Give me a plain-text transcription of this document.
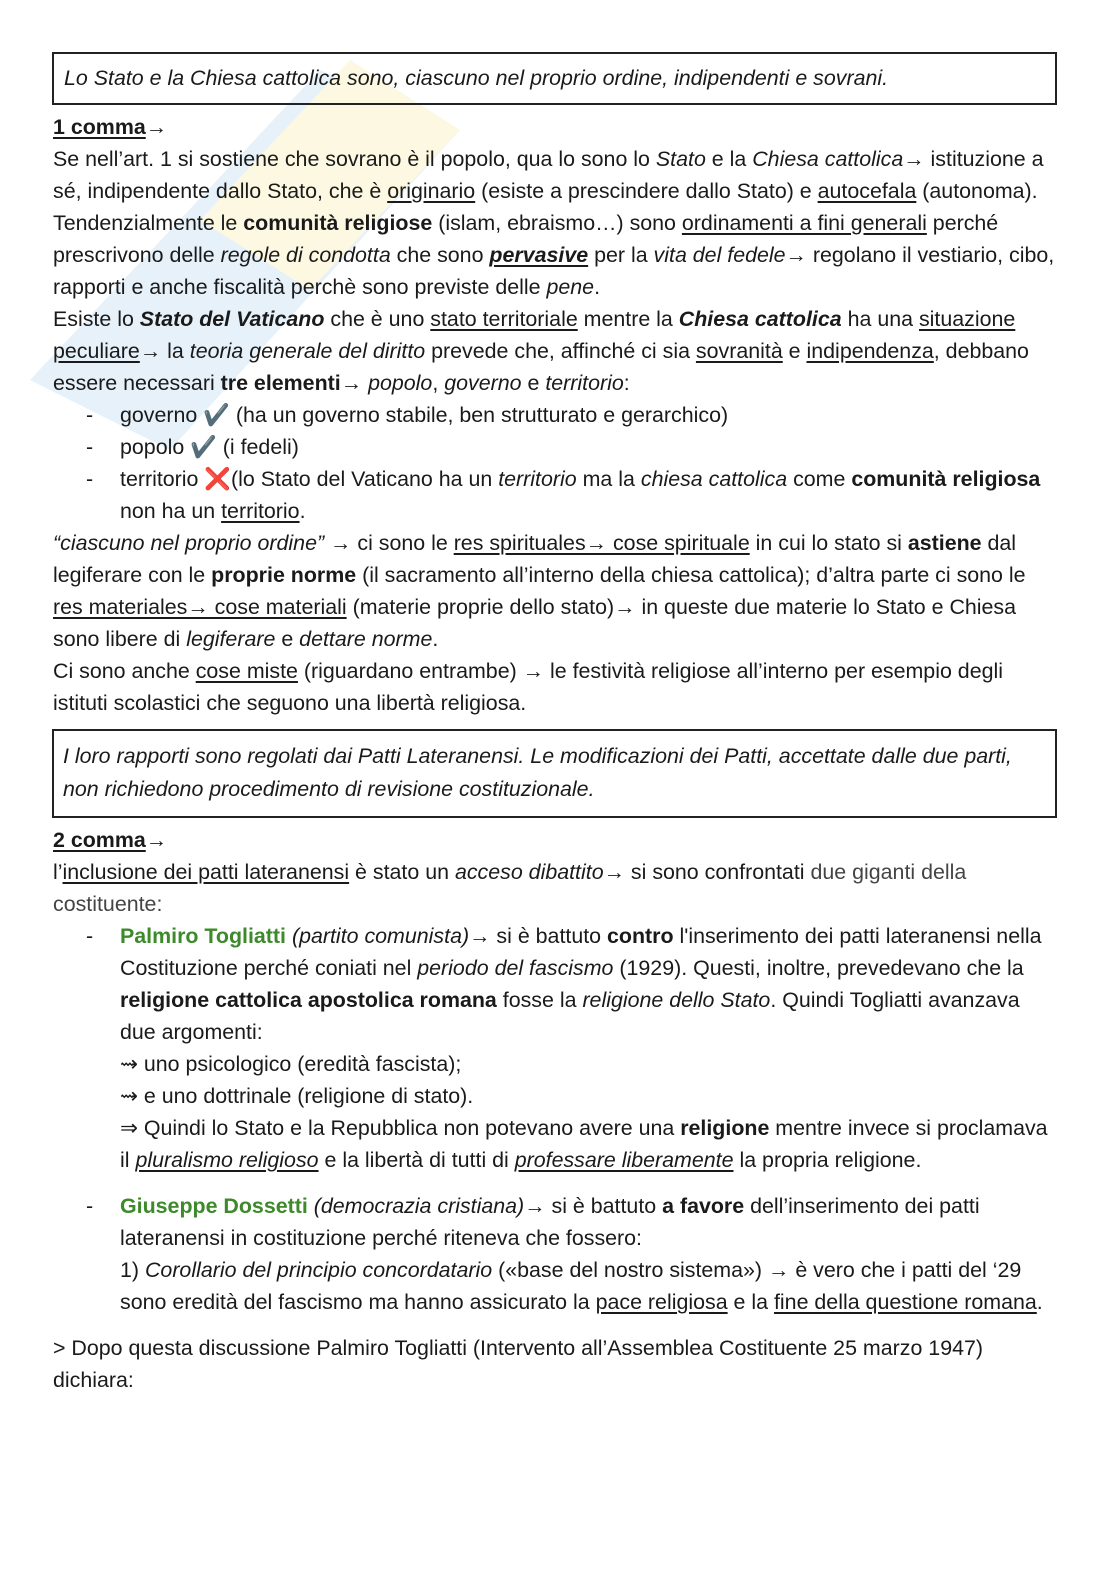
Lo Stato e la Chiesa cattolica sono, ciascuno nel proprio ordine, indipendenti e sovrani.

1 comma→

Se nell’art. 1 si sostiene che sovrano è il popolo, qua lo sono lo Stato e la Chiesa cattolica→ istituzione a sé, indipendente dallo Stato, che è originario (esiste a prescindere dallo Stato) e autocefala (autonoma).

Tendenzialmente le comunità religiose (islam, ebraismo…) sono ordinamenti a fini generali perché prescrivono delle regole di condotta che sono pervasive per la vita del fedele→ regolano il vestiario, cibo, rapporti e anche fiscalità perchè sono previste delle pene.

Esiste lo Stato del Vaticano che è uno stato territoriale mentre la Chiesa cattolica ha una situazione peculiare→ la teoria generale del diritto prevede che, affinché ci sia sovranità e indipendenza, debbano essere necessari tre elementi→ popolo, governo e territorio:

- governo ✔️ (ha un governo stabile, ben strutturato e gerarchico)

- popolo ✔️ (i fedeli)

- territorio ❌(lo Stato del Vaticano ha un territorio ma la chiesa cattolica come comunità religiosa non ha un territorio.

“ciascuno nel proprio ordine” → ci sono le res spirituales→ cose spirituale in cui lo stato si astiene dal legiferare con le proprie norme (il sacramento all’interno della chiesa cattolica); d’altra parte ci sono le res materiales→ cose materiali (materie proprie dello stato)→ in queste due materie lo Stato e Chiesa sono libere di legiferare e dettare norme.

Ci sono anche cose miste (riguardano entrambe) → le festività religiose all’interno per esempio degli istituti scolastici che seguono una libertà religiosa.

I loro rapporti sono regolati dai Patti Lateranensi. Le modificazioni dei Patti, accettate dalle due parti, non richiedono procedimento di revisione costituzionale.

2 comma→

l’inclusione dei patti lateranensi è stato un acceso dibattito→ si sono confrontati due giganti della costituente:

- Palmiro Togliatti (partito comunista)→ si è battuto contro l'inserimento dei patti lateranensi nella Costituzione perché coniati nel periodo del fascismo (1929). Questi, inoltre, prevedevano che la religione cattolica apostolica romana fosse la religione dello Stato. Quindi Togliatti avanzava due argomenti:

⇝ uno psicologico (eredità fascista);

⇝ e uno dottrinale (religione di stato).

⇒ Quindi lo Stato e la Repubblica non potevano avere una religione mentre invece si proclamava il pluralismo religioso e la libertà di tutti di professare liberamente la propria religione.

- Giuseppe Dossetti (democrazia cristiana)→ si è battuto a favore dell’inserimento dei patti lateranensi in costituzione perché riteneva che fossero:

1) Corollario del principio concordatario («base del nostro sistema») → è vero che i patti del ‘29 sono eredità del fascismo ma hanno assicurato la pace religiosa e la fine della questione romana.

> Dopo questa discussione Palmiro Togliatti (Intervento all’Assemblea Costituente 25 marzo 1947) dichiara:
